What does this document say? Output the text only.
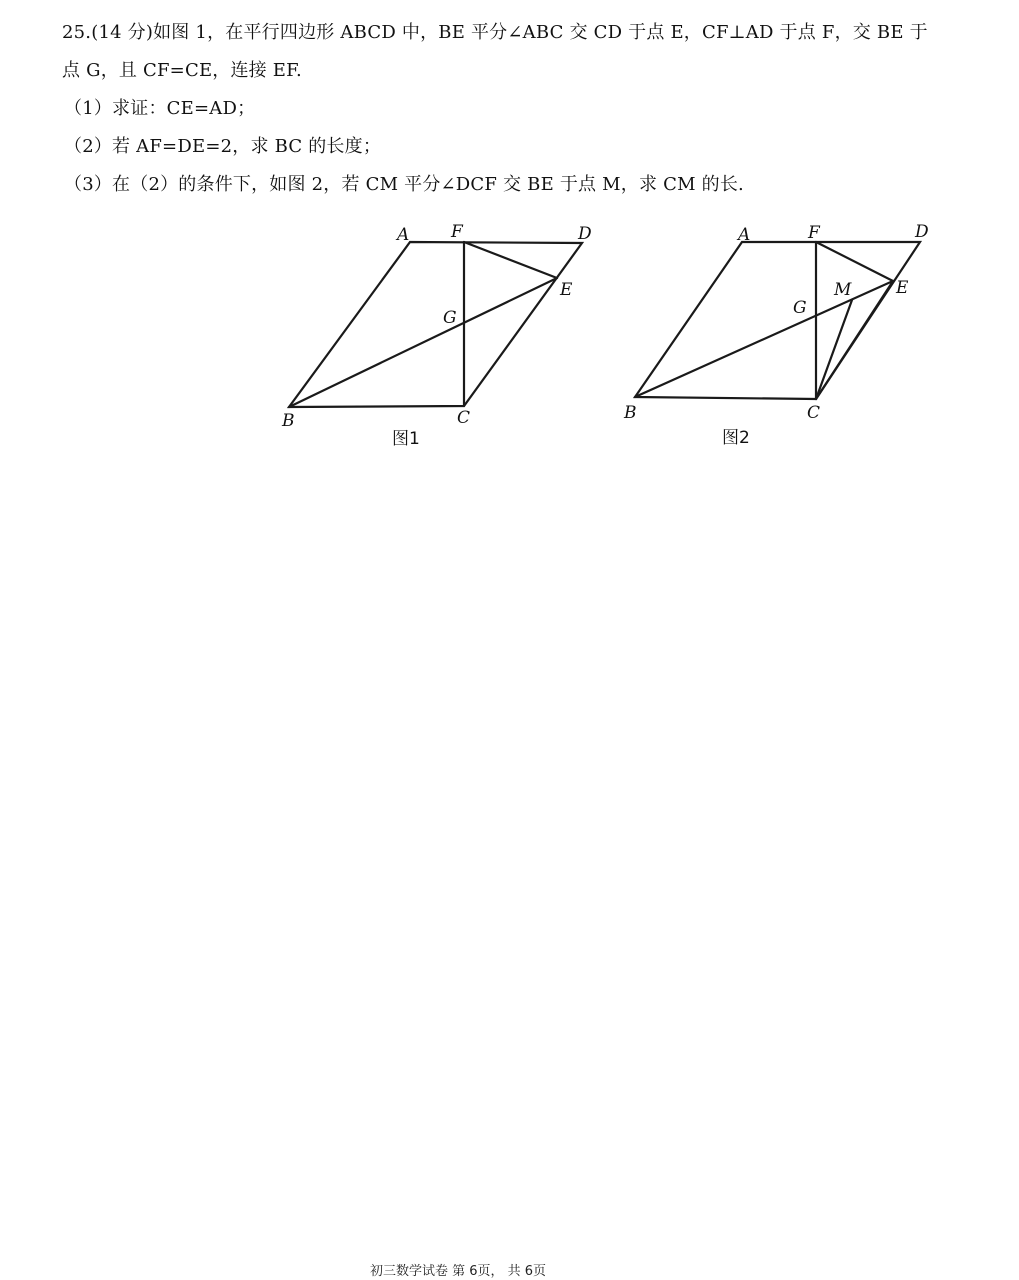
25.(14 分)如图 1，在平行四边形 ABCD 中，BE 平分∠ABC 交 CD 于点 E，CF⊥AD 于点 F，交 BE 于
点 G，且 CF=CE，连接 EF.
（1）求证：CE=AD；
（2）若 AF=DE=2，求 BC 的长度；
（3）在（2）的条件下，如图 2，若 CM 平分∠DCF 交 BE 于点 M，求 CM 的长.
A F	D
E
G
B	C
图1
A	F	D
E
G
M
B	C
图2
初三数学试卷 第 6页， 共 6页
